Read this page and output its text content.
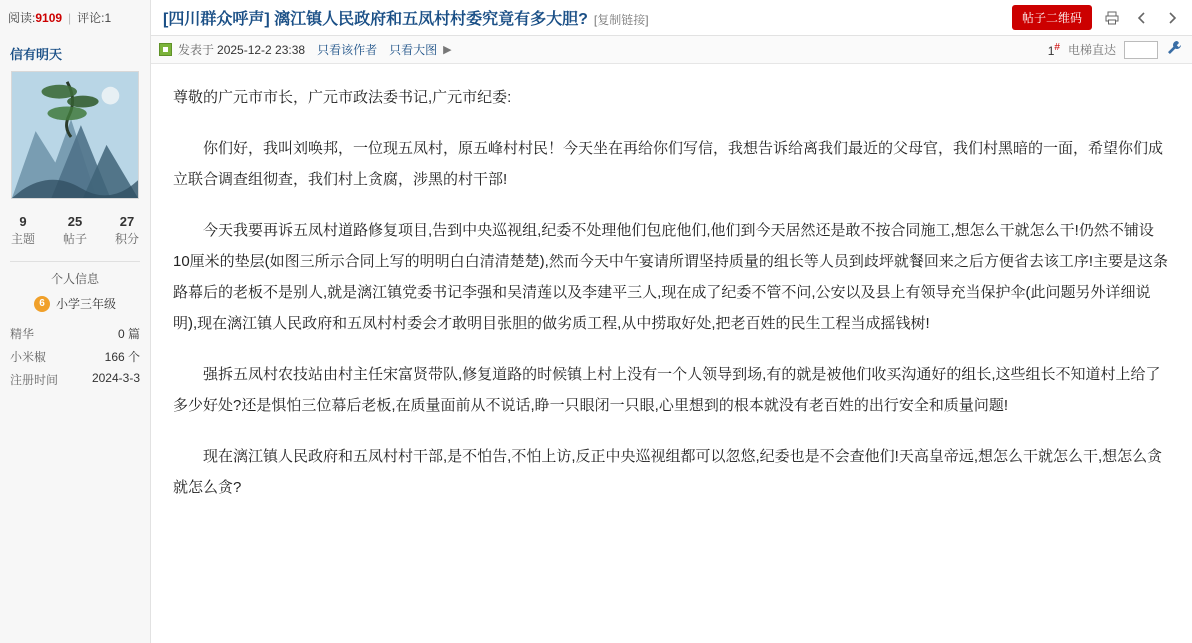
阅读: 9109 | 评论: 1	[四川群众呼声] 漓江镇人民政府和五凤村村委究竟有多大胆? [复制链接]	帖子二维码
信有明天
9
主题
25
帖子
27
积分
个人信息
6 小学三年级
精华	0 篇
小米椒	166 个
注册时间	2024-3-3
发表于 2025-12-2 23:38 只看该作者 只看大图 ▶	1# 电梯直达

尊敬的广元市市长，广元市政法委书记,广元市纪委:

你们好，我叫刘唤邦，一位现五凤村，原五峰村村民！今天坐在再给你们写信，我想告诉给离我们最近的父母官，我们村黑暗的一面，希望你们成立联合调查组彻查，我们村上贪腐，涉黑的村干部!

今天我要再诉五凤村道路修复项目,告到中央巡视组,纪委不处理他们包庇他们,他们到今天居然还是敢不按合同施工,想怎么干就怎么干!仍然不铺设10厘米的垫层(如图三所示合同上写的明明白白清清楚楚),然而今天中午宴请所谓坚持质量的组长等人员到歧坪就餐回来之后方便省去该工序!主要是这条路幕后的老板不是别人,就是漓江镇党委书记李强和吴清莲以及李建平三人,现在成了纪委不管不问,公安以及县上有领导充当保护伞(此问题另外详细说明),现在漓江镇人民政府和五凤村村委会才敢明目张胆的做劣质工程,从中捞取好处,把老百姓的民生工程当成摇钱树!

强拆五凤村农技站由村主任宋富贤带队,修复道路的时候镇上村上没有一个人领导到场,有的就是被他们收买沟通好的组长,这些组长不知道村上给了多少好处?还是惧怕三位幕后老板,在质量面前从不说话,睁一只眼闭一只眼,心里想到的根本就没有老百姓的出行安全和质量问题!

现在漓江镇人民政府和五凤村村干部,是不怕告,不怕上访,反正中央巡视组都可以忽悠,纪委也是不会查他们!天高皇帝远,想怎么干就怎么干,想怎么贪就怎么贪?
